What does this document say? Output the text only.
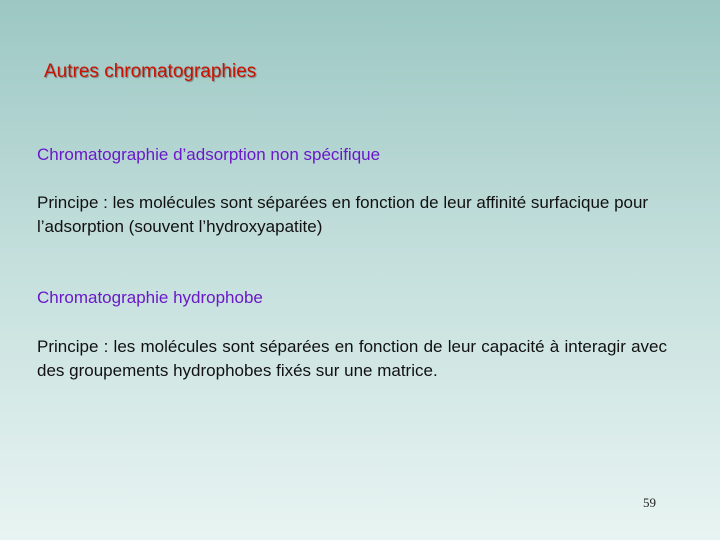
Autres chromatographies
Chromatographie d’adsorption non spécifique
Principe : les molécules sont séparées en fonction de leur affinité surfacique pour l’adsorption (souvent l’hydroxyapatite)
Chromatographie hydrophobe
Principe : les molécules sont séparées en fonction de leur capacité à interagir avec des groupements hydrophobes fixés sur une matrice.
59
